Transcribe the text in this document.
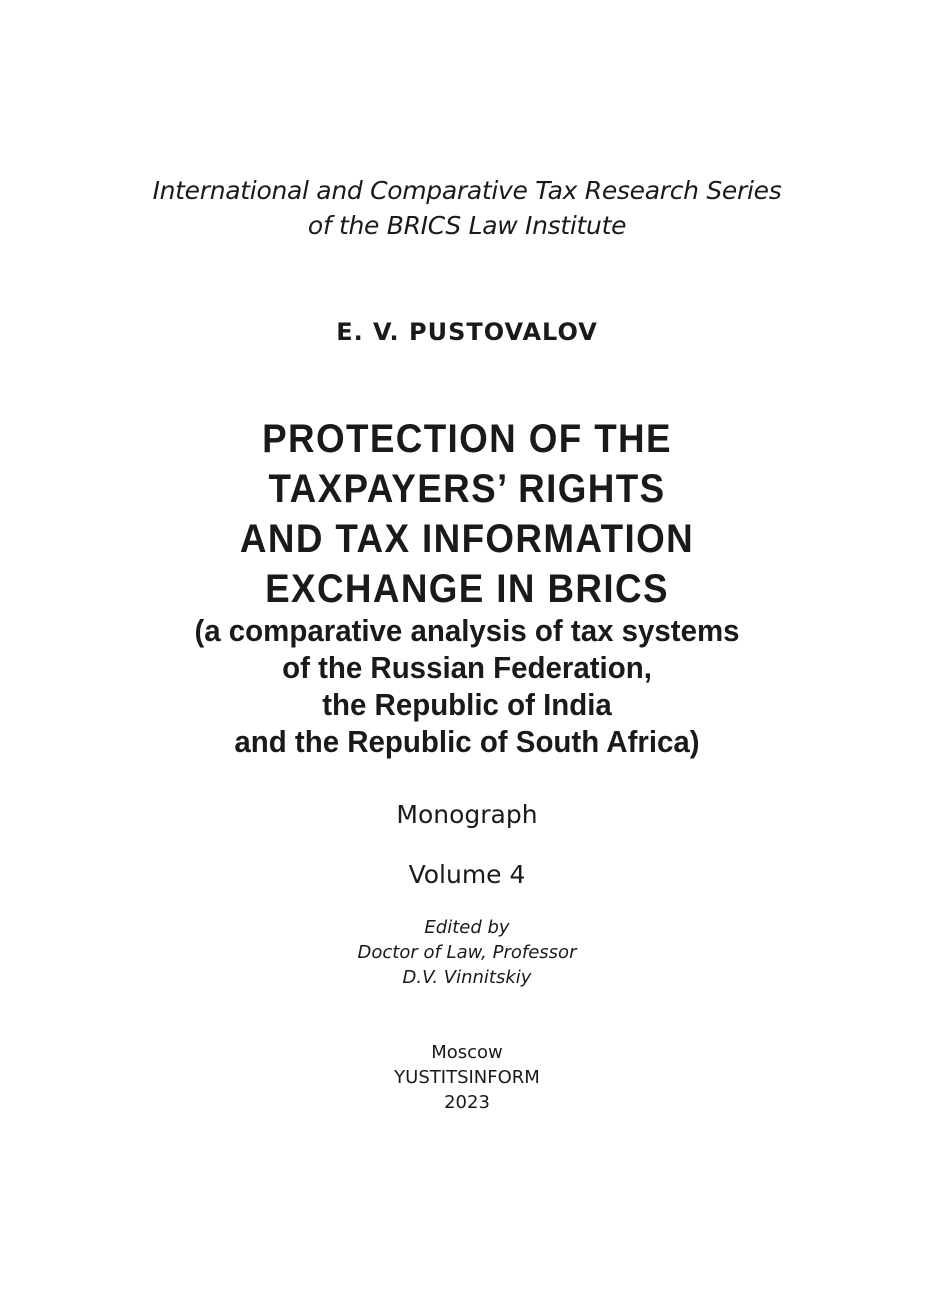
International and Comparative Tax Research Series
of the BRICS Law Institute
E. V. PUSTOVALOV
PROTECTION OF THE
TAXPAYERS’ RIGHTS
AND TAX INFORMATION
EXCHANGE IN BRICS
(a comparative analysis of tax systems
of the Russian Federation,
the Republic of India
and the Republic of South Africa)
Monograph
Volume 4
Edited by
Doctor of Law, Professor
D.V. Vinnitskiy
Moscow
YUSTITSINFORM
2023
